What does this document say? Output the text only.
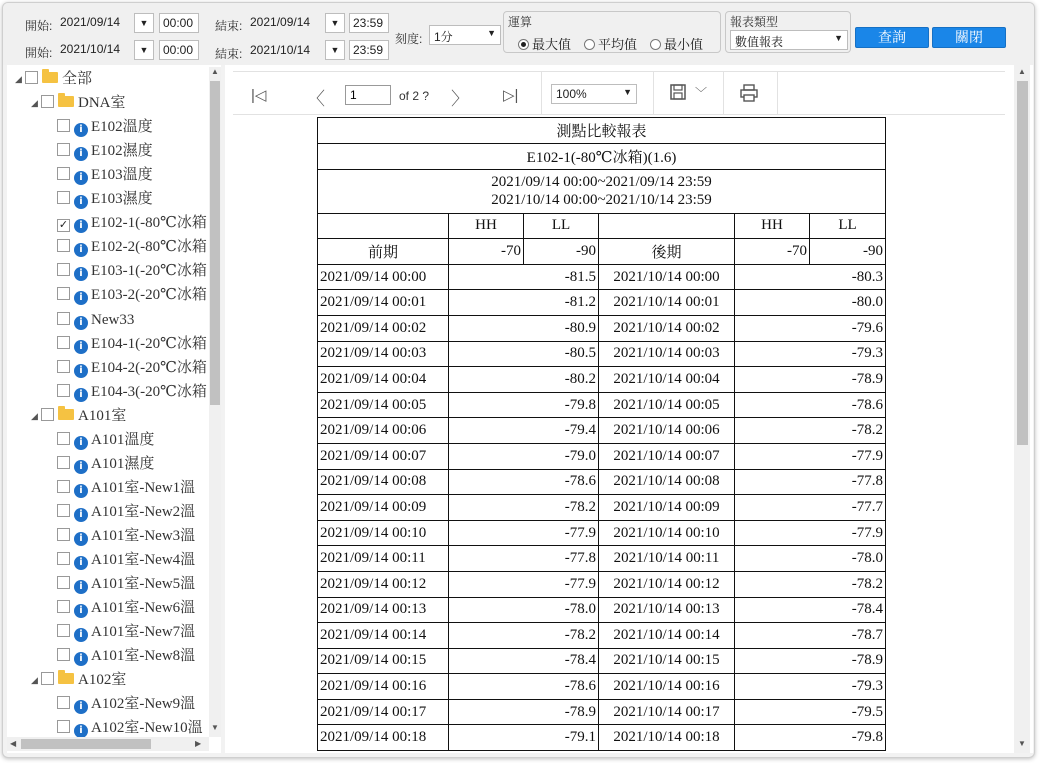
開始: 2021/09/14	▼	00:00	結束: 2021/09/14	▼	23:59
開始: 2021/10/14	▼	00:00	結束: 2021/10/14	▼	23:59
刻度: 1分	▼
運算
最大值	平均值	最小值
報表類型
數值報表	▼	查詢	關閉
◢	全部
◢	DNA室
i E102溫度
i E102濕度
i E103溫度
i E103濕度
✓ i E102-1(-80℃冰箱
i E102-2(-80℃冰箱
i E103-1(-20℃冰箱
i E103-2(-20℃冰箱
i New33
i E104-1(-20℃冰箱
i E104-2(-20℃冰箱
i E104-3(-20℃冰箱
◢	A101室
i A101溫度
i A101濕度
i A101室-New1溫
i A101室-New2溫
i A101室-New3溫
i A101室-New4溫
i A101室-New5溫
i A101室-New6溫
i A101室-New7溫
i A101室-New8溫
◢	A102室
i A102室-New9溫
i A102室-New10溫
▲
▼
◀	▶
|◁ 〈
1	of 2 ? 〉 ▷|	100%	▼	﹀
測點比較報表					
E102-1(-80℃冰箱)(1.6)					

2021/09/14 00:00~2021/09/14 23:59
2021/10/14 00:00~2021/10/14 23:59					

	HH	LL		HH	LL
前期	-70	-90	後期	-70	-90
2021/09/14 00:00	-81.5		2021/10/14 00:00	-80.3	
2021/09/14 00:01	-81.2		2021/10/14 00:01	-80.0	
2021/09/14 00:02	-80.9		2021/10/14 00:02	-79.6	
2021/09/14 00:03	-80.5		2021/10/14 00:03	-79.3	
2021/09/14 00:04	-80.2		2021/10/14 00:04	-78.9	
2021/09/14 00:05	-79.8		2021/10/14 00:05	-78.6	
2021/09/14 00:06	-79.4		2021/10/14 00:06	-78.2	
2021/09/14 00:07	-79.0		2021/10/14 00:07	-77.9	
2021/09/14 00:08	-78.6		2021/10/14 00:08	-77.8	
2021/09/14 00:09	-78.2		2021/10/14 00:09	-77.7	
2021/09/14 00:10	-77.9		2021/10/14 00:10	-77.9	
2021/09/14 00:11	-77.8		2021/10/14 00:11	-78.0	
2021/09/14 00:12	-77.9		2021/10/14 00:12	-78.2	
2021/09/14 00:13	-78.0		2021/10/14 00:13	-78.4	
2021/09/14 00:14	-78.2		2021/10/14 00:14	-78.7	
2021/09/14 00:15	-78.4		2021/10/14 00:15	-78.9	
2021/09/14 00:16	-78.6		2021/10/14 00:16	-79.3	
2021/09/14 00:17	-78.9		2021/10/14 00:17	-79.5	
2021/09/14 00:18	-79.1		2021/10/14 00:18	-79.8	
▲
▼
